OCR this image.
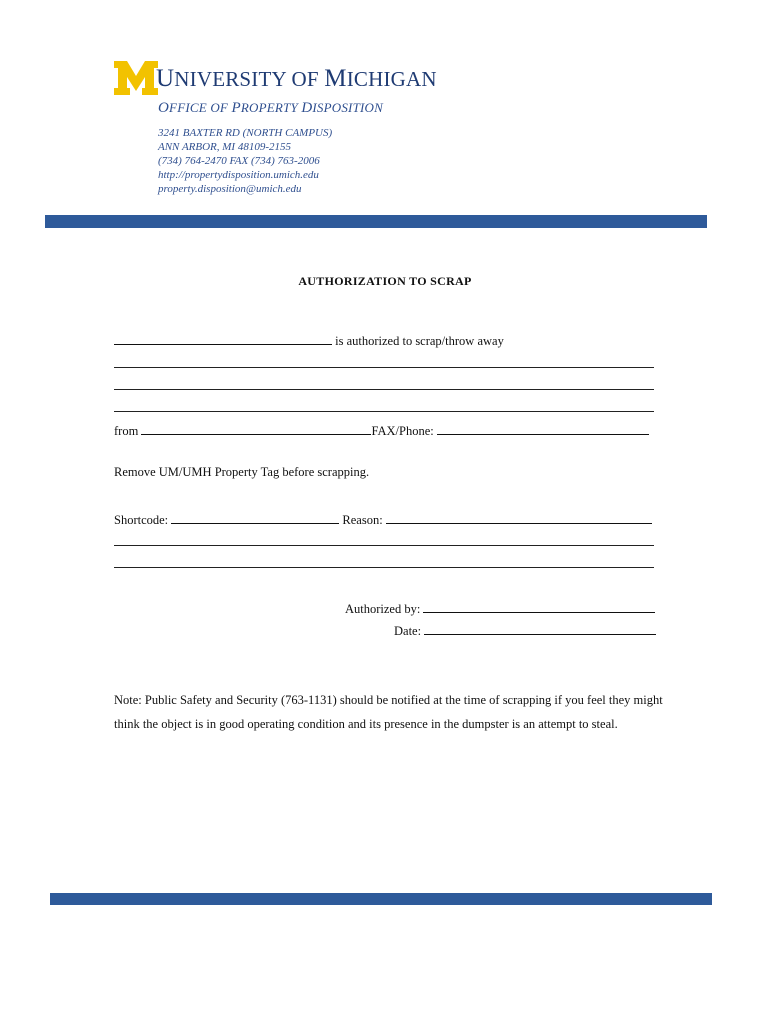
UNIVERSITY OF MICHIGAN
OFFICE OF PROPERTY DISPOSITION
3241 BAXTER RD (NORTH CAMPUS)
ANN ARBOR, MI 48109-2155
(734) 764-2470 FAX (734) 763-2006
http://propertydisposition.umich.edu
property.disposition@umich.edu
AUTHORIZATION TO SCRAP
is authorized to scrap/throw away
from	FAX/Phone:
Remove UM/UMH Property Tag before scrapping.
Shortcode:	Reason:
Authorized by:
Date:
Note: Public Safety and Security (763-1131) should be notified at the time of scrapping if you feel they might think the object is in good operating condition and its presence in the dumpster is an attempt to steal.
